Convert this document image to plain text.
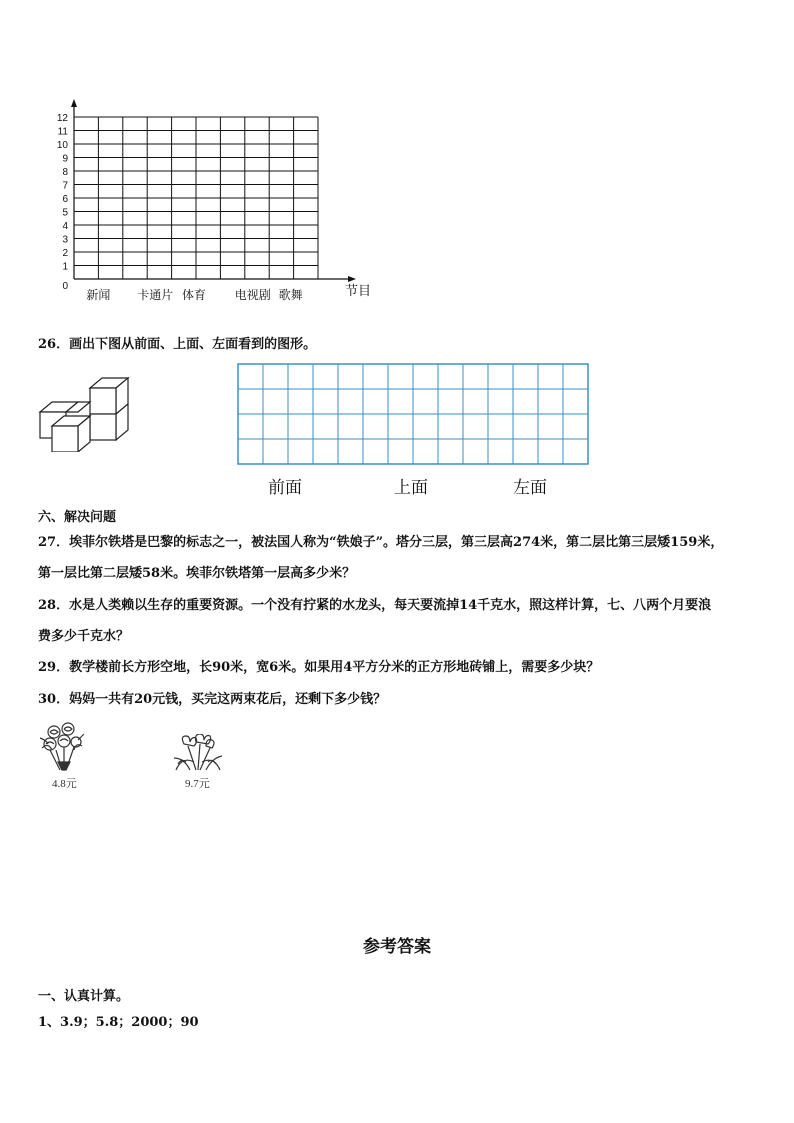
0
1
2
3
4
5
6
7
8
9
10
11
12
新闻 卡通片 体育 电视剧 歌舞	节目
26．画出下图从前面、上面、左面看到的图形。
前面	上面	左面
六、解决问题
27．埃菲尔铁塔是巴黎的标志之一，被法国人称为“铁娘子”。塔分三层，第三层高274米，第二层比第三层矮159米，
第一层比第二层矮58米。埃菲尔铁塔第一层高多少米？
28．水是人类赖以生存的重要资源。一个没有拧紧的水龙头，每天要流掉14千克水，照这样计算，七、八两个月要浪
费多少千克水？
29．教学楼前长方形空地，长90米，宽6米。如果用4平方分米的正方形地砖铺上，需要多少块？
30．妈妈一共有20元钱，买完这两束花后，还剩下多少钱？
4.8元	9.7元
参考答案
一、认真计算。
1、3.9；5.8；2000；90
